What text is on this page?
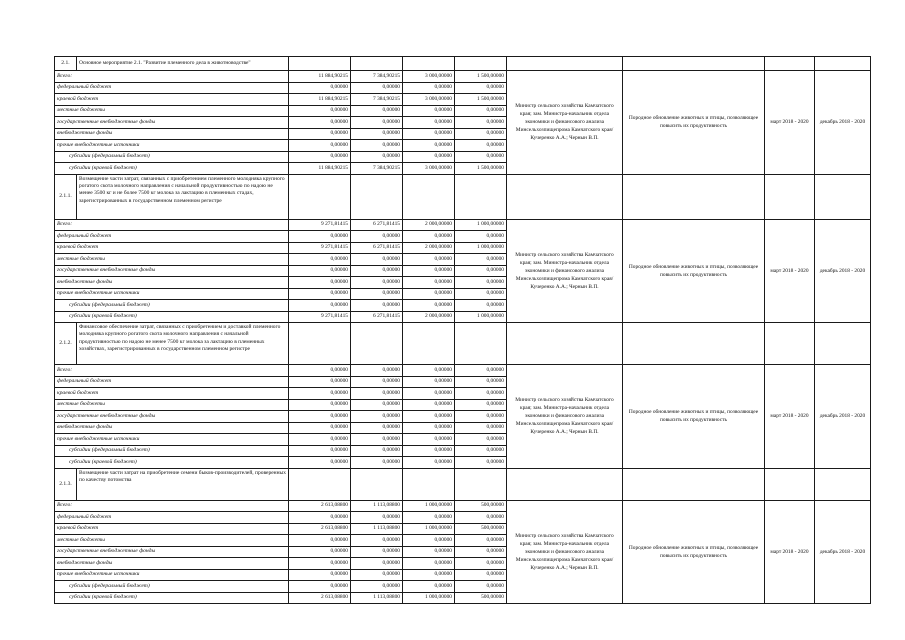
2.1.	Основное мероприятие 2.1. "Развитие племенного дела в животноводстве"								
Всего:		11 884,90215	7 384,90215	3 000,00000	1 500,00000	Министр сельского хозяйства Камчатского края; зам. Министра-начальник отдела экономики и финансового анализа Минсельхозпищепрома Камчатского края/Кучеренко А.А.; Чернын В.П.	Породное обновление животных и птицы, позволяющее повысить их продуктивность	март 2018 - 2020	декабрь 2018 - 2020
федеральный бюджет		0,00000	0,00000	0,00000	0,00000				
краевой бюджет		11 884,90215	7 384,90215	3 000,00000	1 500,00000				
местные бюджеты		0,00000	0,00000	0,00000	0,00000				
государственные внебюджетные фонды		0,00000	0,00000	0,00000	0,00000				
внебюджетные фонды		0,00000	0,00000	0,00000	0,00000				
прочие внебюджетные источники		0,00000	0,00000	0,00000	0,00000				
субсидии (федеральный бюджет)		0,00000	0,00000	0,00000	0,00000				
субсидии (краевой бюджет)		11 884,90215	7 384,90215	3 000,00000	1 500,00000				
2.1.1.	Возмещение части затрат, связанных с приобретением племенного молодняка крупного рогатого скота молочного направления с начальной продуктивностью по надою не менее 3500 кг и не более 7500 кг молока за лактацию в племенных стадах, зарегистрированных в государственном племенном регистре								
Всего:		9 271,81415	6 271,81415	2 000,00000	1 000,00000	Министр сельского хозяйства Камчатского края; зам. Министра-начальник отдела экономики и финансового анализа Минсельхозпищепрома Камчатского края/Кучеренко А.А.; Чернын В.П.	Породное обновление животных и птицы, позволяющее повысить их продуктивность	март 2018 - 2020	декабрь 2018 - 2020
федеральный бюджет		0,00000	0,00000	0,00000	0,00000				
краевой бюджет		9 271,81415	6 271,81415	2 000,00000	1 000,00000				
местные бюджеты		0,00000	0,00000	0,00000	0,00000				
государственные внебюджетные фонды		0,00000	0,00000	0,00000	0,00000				
внебюджетные фонды		0,00000	0,00000	0,00000	0,00000				
прочие внебюджетные источники		0,00000	0,00000	0,00000	0,00000				
субсидии (федеральный бюджет)		0,00000	0,00000	0,00000	0,00000				
субсидии (краевой бюджет)		9 271,81415	6 271,81415	2 000,00000	1 000,00000				
2.1.2.	Финансовое обеспечение затрат, связанных с приобретением и доставкой племенного молодняка крупного рогатого скота молочного направления с начальной продуктивностью по надою не менее 7500 кг молока за лактацию в племенных хозяйствах, зарегистрированных в государственном племенном регистре								
Всего:		0,00000	0,00000	0,00000	0,00000	Министр сельского хозяйства Камчатского края; зам. Министра-начальник отдела экономики и финансового анализа Минсельхозпищепрома Камчатского края/Кучеренко А.А.; Чернын В.П.	Породное обновление животных и птицы, позволяющее повысить их продуктивность	март 2018 - 2020	декабрь 2018 - 2020
федеральный бюджет		0,00000	0,00000	0,00000	0,00000				
краевой бюджет		0,00000	0,00000	0,00000	0,00000				
местные бюджеты		0,00000	0,00000	0,00000	0,00000				
государственные внебюджетные фонды		0,00000	0,00000	0,00000	0,00000				
внебюджетные фонды		0,00000	0,00000	0,00000	0,00000				
прочие внебюджетные источники		0,00000	0,00000	0,00000	0,00000				
субсидии (федеральный бюджет)		0,00000	0,00000	0,00000	0,00000				
субсидии (краевой бюджет)		0,00000	0,00000	0,00000	0,00000				
2.1.3.	Возмещение части затрат на приобретение семени быков-производителей, проверенных по качеству потомства								
Всего:		2 613,08800	1 113,08800	1 000,00000	500,00000	Министр сельского хозяйства Камчатского края; зам. Министра-начальник отдела экономики и финансового анализа Минсельхозпищепрома Камчатского края/Кучеренко А.А.; Чернын В.П.	Породное обновление животных и птицы, позволяющее повысить их продуктивность	март 2018 - 2020	декабрь 2018 - 2020
федеральный бюджет		0,00000	0,00000	0,00000	0,00000				
краевой бюджет		2 613,08800	1 113,08800	1 000,00000	500,00000				
местные бюджеты		0,00000	0,00000	0,00000	0,00000				
государственные внебюджетные фонды		0,00000	0,00000	0,00000	0,00000				
внебюджетные фонды		0,00000	0,00000	0,00000	0,00000				
прочие внебюджетные источники		0,00000	0,00000	0,00000	0,00000				
субсидии (федеральный бюджет)		0,00000	0,00000	0,00000	0,00000				
субсидии (краевой бюджет)		2 613,08800	1 113,08800	1 000,00000	500,00000				
